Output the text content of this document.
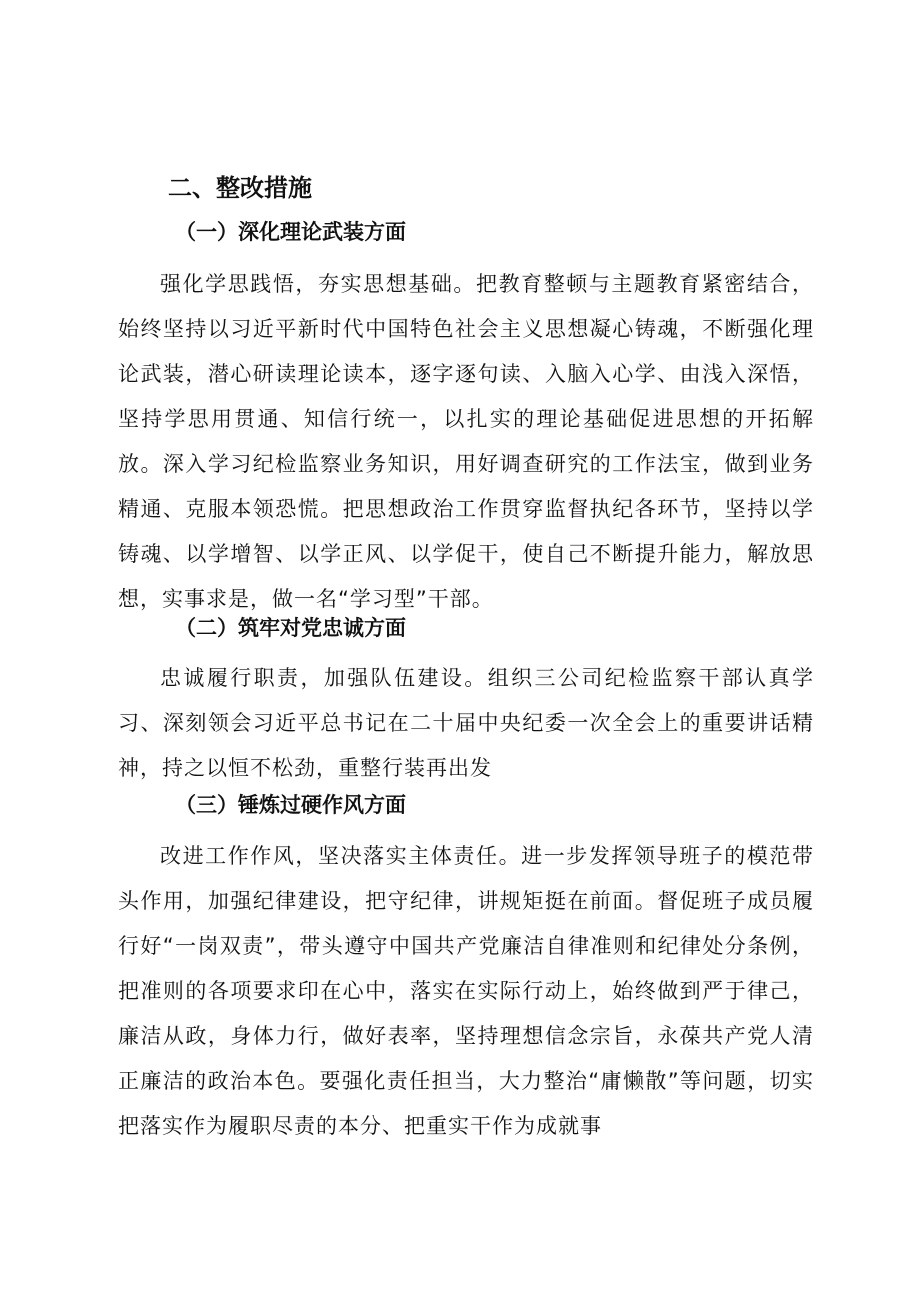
二、整改措施
（一）深化理论武装方面

强化学思践悟，夯实思想基础。把教育整顿与主题教育紧密结合，始终坚持以习近平新时代中国特色社会主义思想凝心铸魂，不断强化理论武装，潜心研读理论读本，逐字逐句读、入脑入心学、由浅入深悟，坚持学思用贯通、知信行统一，以扎实的理论基础促进思想的开拓解放。深入学习纪检监察业务知识，用好调查研究的工作法宝，做到业务精通、克服本领恐慌。把思想政治工作贯穿监督执纪各环节，坚持以学铸魂、以学增智、以学正风、以学促干，使自己不断提升能力，解放思想，实事求是，做一名“学习型”干部。

（二）筑牢对党忠诚方面

忠诚履行职责，加强队伍建设。组织三公司纪检监察干部认真学习、深刻领会习近平总书记在二十届中央纪委一次全会上的重要讲话精神，持之以恒不松劲，重整行装再出发

（三）锤炼过硬作风方面

改进工作作风，坚决落实主体责任。进一步发挥领导班子的模范带头作用，加强纪律建设，把守纪律，讲规矩挺在前面。督促班子成员履行好“一岗双责”，带头遵守中国共产党廉洁自律准则和纪律处分条例，把准则的各项要求印在心中，落实在实际行动上，始终做到严于律己，廉洁从政，身体力行，做好表率，坚持理想信念宗旨，永葆共产党人清正廉洁的政治本色。要强化责任担当，大力整治“庸懒散”等问题，切实把落实作为履职尽责的本分、把重实干作为成就事
